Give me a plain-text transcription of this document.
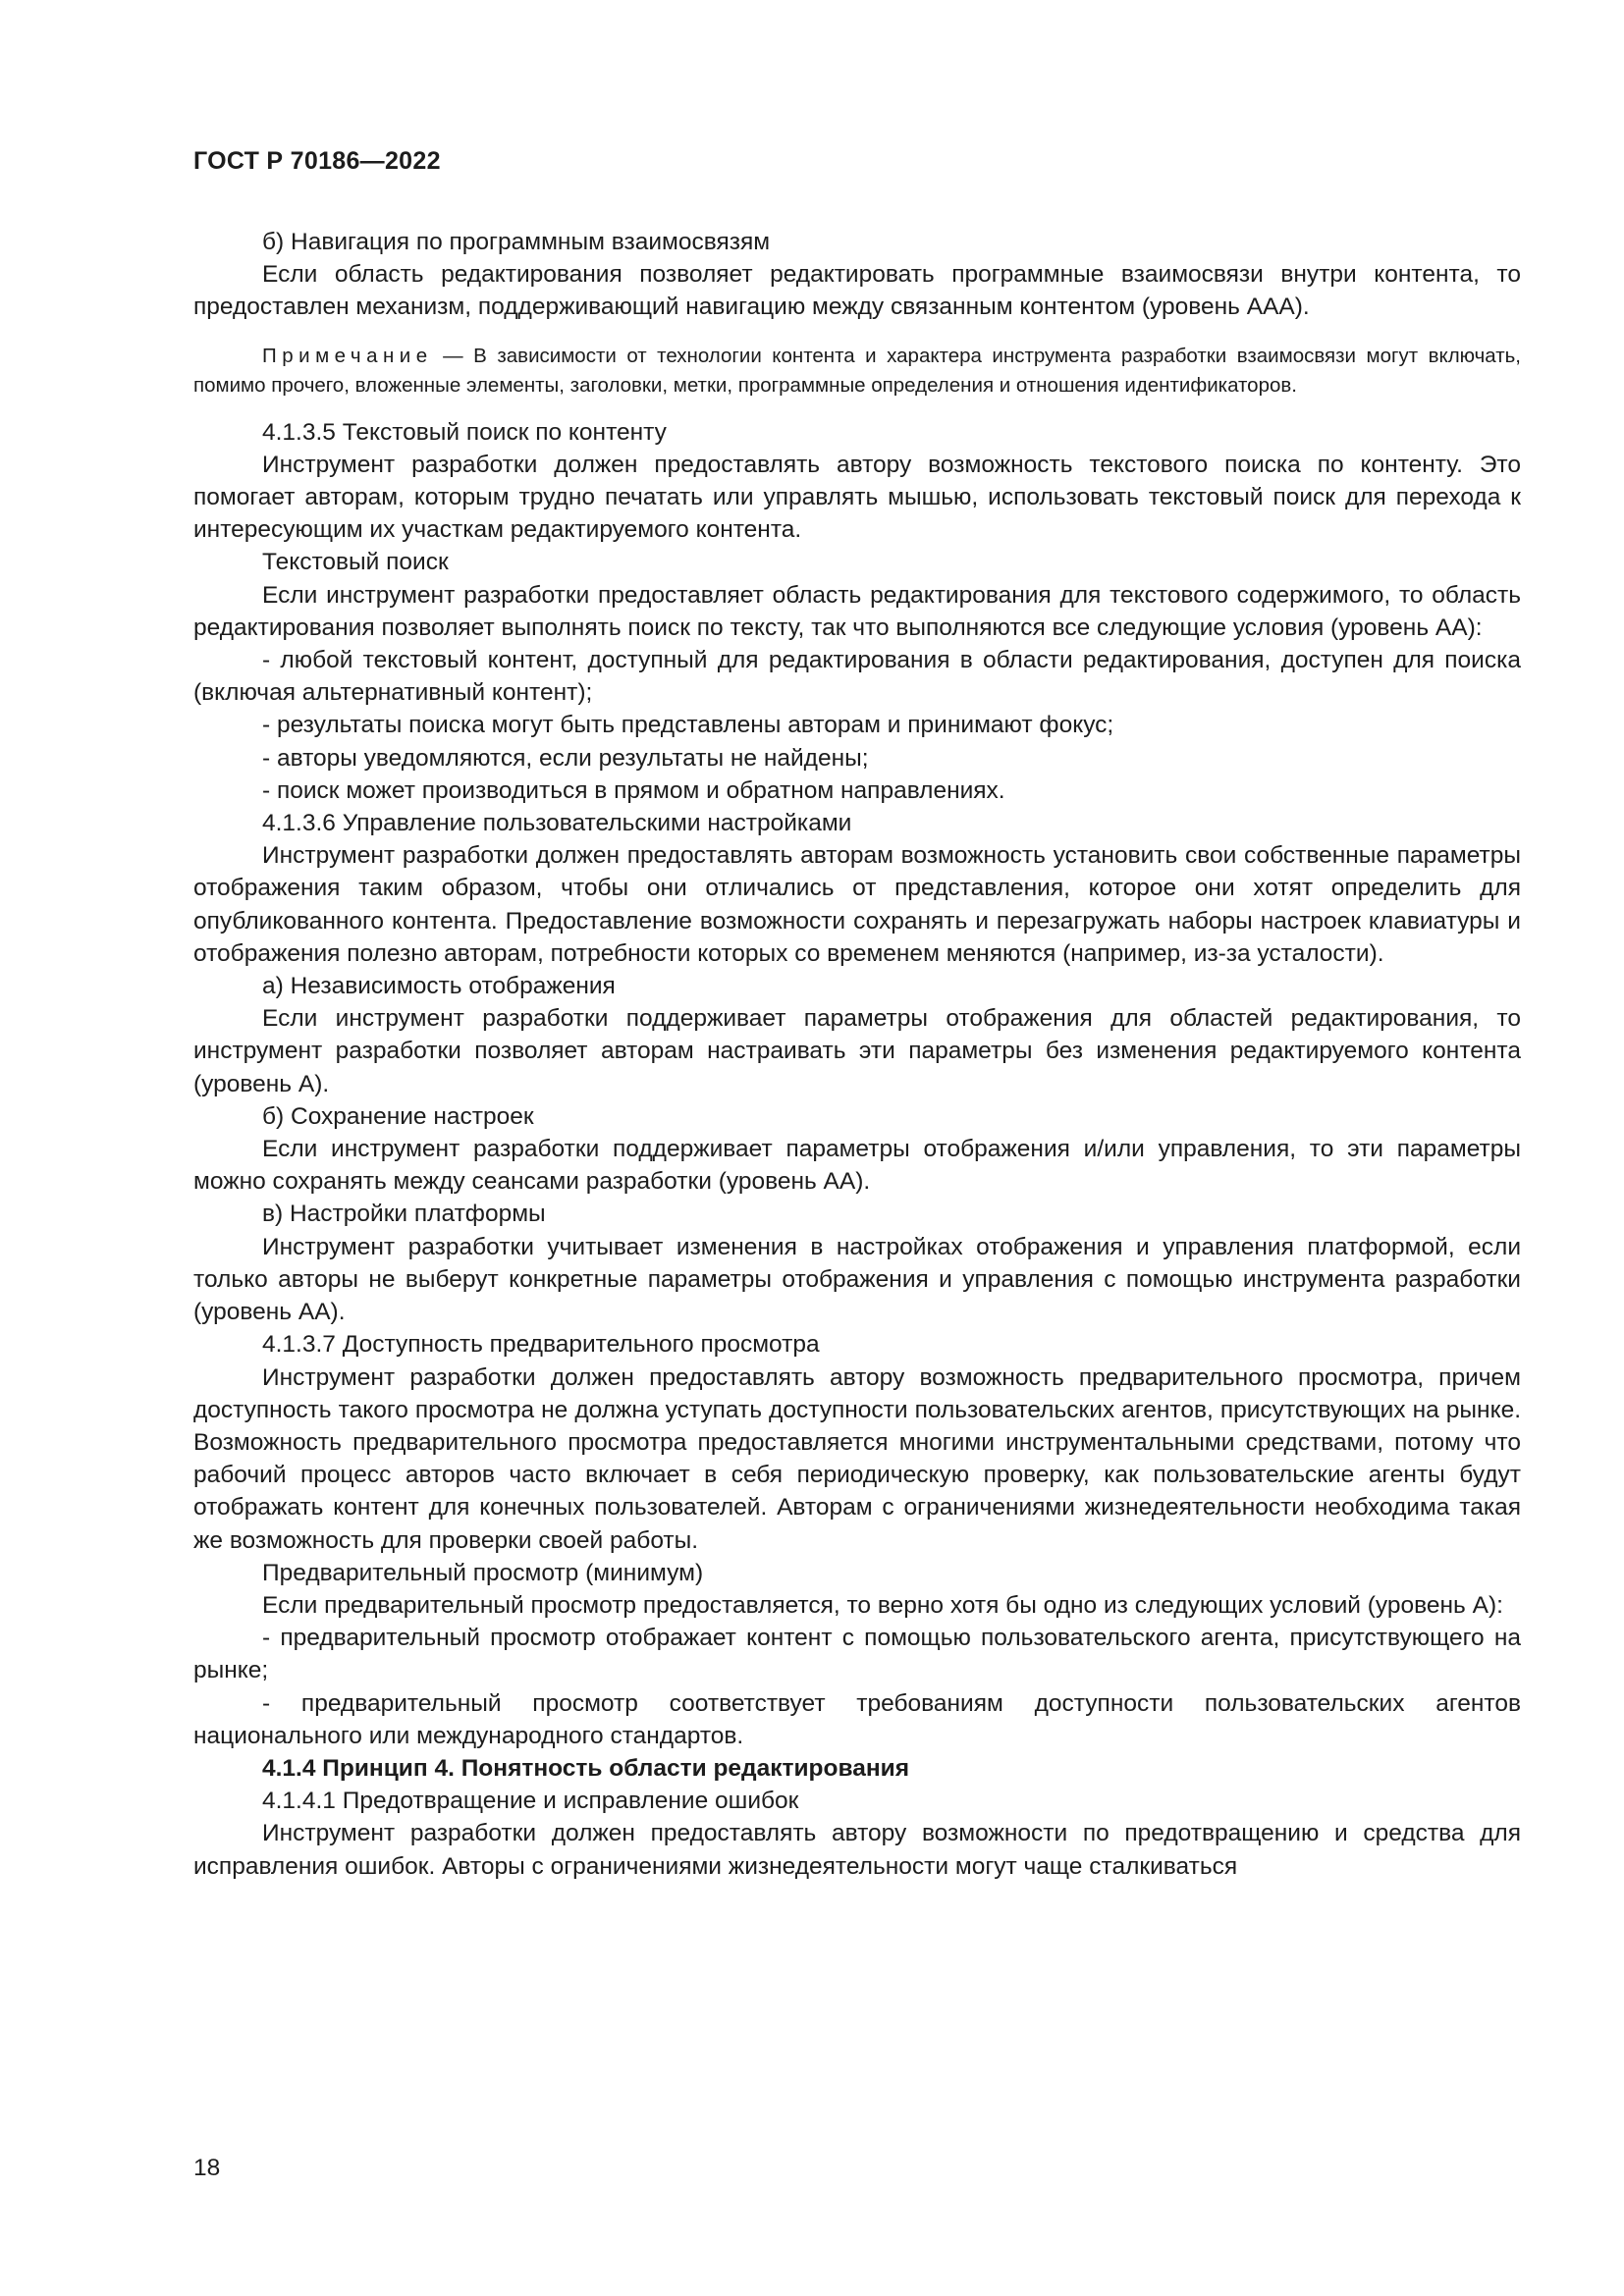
ГОСТ Р 70186—2022

б) Навигация по программным взаимосвязям

Если область редактирования позволяет редактировать программные взаимосвязи внутри контента, то предоставлен механизм, поддерживающий навигацию между связанным контентом (уровень ААА).

Примечание — В зависимости от технологии контента и характера инструмента разработки взаимосвязи могут включать, помимо прочего, вложенные элементы, заголовки, метки, программные определения и отношения идентификаторов.

4.1.3.5 Текстовый поиск по контенту

Инструмент разработки должен предоставлять автору возможность текстового поиска по контенту. Это помогает авторам, которым трудно печатать или управлять мышью, использовать текстовый поиск для перехода к интересующим их участкам редактируемого контента.

Текстовый поиск

Если инструмент разработки предоставляет область редактирования для текстового содержимого, то область редактирования позволяет выполнять поиск по тексту, так что выполняются все следующие условия (уровень АА):

- любой текстовый контент, доступный для редактирования в области редактирования, доступен для поиска (включая альтернативный контент);

- результаты поиска могут быть представлены авторам и принимают фокус;

- авторы уведомляются, если результаты не найдены;

- поиск может производиться в прямом и обратном направлениях.

4.1.3.6 Управление пользовательскими настройками

Инструмент разработки должен предоставлять авторам возможность установить свои собственные параметры отображения таким образом, чтобы они отличались от представления, которое они хотят определить для опубликованного контента. Предоставление возможности сохранять и перезагружать наборы настроек клавиатуры и отображения полезно авторам, потребности которых со временем меняются (например, из-за усталости).

а) Независимость отображения

Если инструмент разработки поддерживает параметры отображения для областей редактирования, то инструмент разработки позволяет авторам настраивать эти параметры без изменения редактируемого контента (уровень А).

б) Сохранение настроек

Если инструмент разработки поддерживает параметры отображения и/или управления, то эти параметры можно сохранять между сеансами разработки (уровень АА).

в) Настройки платформы

Инструмент разработки учитывает изменения в настройках отображения и управления платформой, если только авторы не выберут конкретные параметры отображения и управления с помощью инструмента разработки (уровень АА).

4.1.3.7 Доступность предварительного просмотра

Инструмент разработки должен предоставлять автору возможность предварительного просмотра, причем доступность такого просмотра не должна уступать доступности пользовательских агентов, присутствующих на рынке. Возможность предварительного просмотра предоставляется многими инструментальными средствами, потому что рабочий процесс авторов часто включает в себя периодическую проверку, как пользовательские агенты будут отображать контент для конечных пользователей. Авторам с ограничениями жизнедеятельности необходима такая же возможность для проверки своей работы.

Предварительный просмотр (минимум)

Если предварительный просмотр предоставляется, то верно хотя бы одно из следующих условий (уровень А):

- предварительный просмотр отображает контент с помощью пользовательского агента, присутствующего на рынке;

- предварительный просмотр соответствует требованиям доступности пользовательских агентов национального или международного стандартов.

4.1.4 Принцип 4. Понятность области редактирования

4.1.4.1 Предотвращение и исправление ошибок

Инструмент разработки должен предоставлять автору возможности по предотвращению и средства для исправления ошибок. Авторы с ограничениями жизнедеятельности могут чаще сталкиваться

18
